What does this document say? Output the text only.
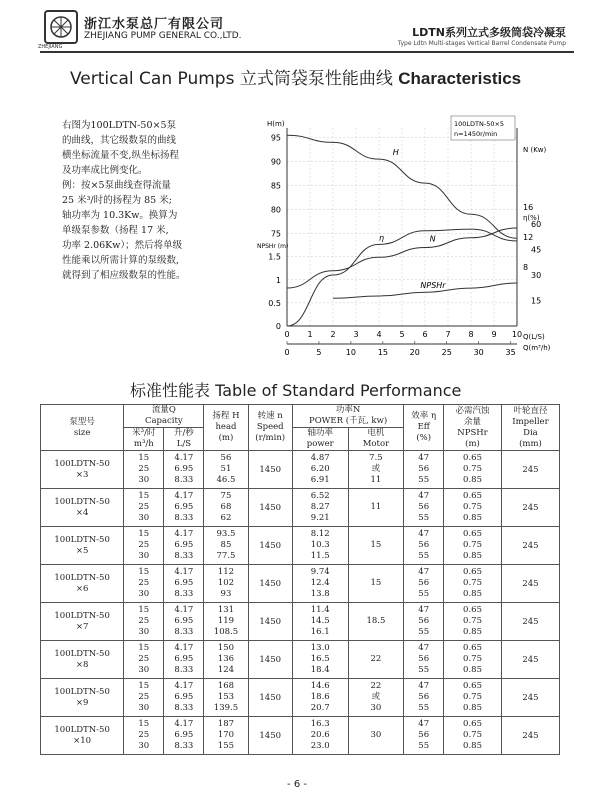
ZHEJIANG
浙江水泵总厂有限公司
ZHEJIANG PUMP GENERAL CO.,LTD.	LDTN系列立式多级筒袋冷凝泵
Type Ldtn Multi-stages Vertical Barrel Condensate Pump
Vertical Can Pumps 立式筒袋泵性能曲线 Characteristics

右图为100LDTN-50×5泵

的曲线，其它级数泵的曲线

横坐标流量不变,纵坐标扬程

及功率成比例变化。

例：按×5泵曲线查得流量

25 米³/时的扬程为 85 米;

轴功率为 10.3Kw。换算为

单级泵参数（扬程 17 米,

功率 2.06Kw）；然后将单级

性能乘以所需计算的泵级数,

就得到了相应级数泵的性能。

0 1 2 3 4 5 6 7 8 9 10 Q(L/S)
0	5	10	15	20	25	30	35 Q(m³/h)
95
90
85
80
75
H(m)
1.5
1
0.5
0
NPSHr (m)
16
12
8
N (Kw)
60
45
30
15
η(%)
100LDTN-50×5
n=1450r/min
H
N
η
NPSHr
标准性能表 Table of Standard Performance
泵型号
size	流量Q
Capacity		扬程 H
head
(m)	转速 n
Speed
(r/min)	功率N
POWER (千瓦, kw)		效率 η
Eff
(%)	必需汽蚀
余量
NPSHr
(m)	叶轮直径
Impeller
Dia
(mm)

	米³/时
m³/h	升/秒
L/S			轴功率
power	电机
Motor			

100LDTN-50
×3	15
25
30	4.17
6.95
8.33	56
51
46.5	1450	4.87
6.20
6.91	7.5
或
11	47
56
55	0.65
0.75
0.85	245

100LDTN-50
×4	15
25
30	4.17
6.95
8.33	75
68
62	1450	6.52
8.27
9.21	11	47
56
55	0.65
0.75
0.85	245

100LDTN-50
×5	15
25
30	4.17
6.95
8.33	93.5
85
77.5	1450	8.12
10.3
11.5	15	47
56
55	0.65
0.75
0.85	245

100LDTN-50
×6	15
25
30	4.17
6.95
8.33	112
102
93	1450	9.74
12.4
13.8	15	47
56
55	0.65
0.75
0.85	245

100LDTN-50
×7	15
25
30	4.17
6.95
8.33	131
119
108.5	1450	11.4
14.5
16.1	18.5	47
56
55	0.65
0.75
0.85	245

100LDTN-50
×8	15
25
30	4.17
6.95
8.33	150
136
124	1450	13.0
16.5
18.4	22	47
56
55	0.65
0.75
0.85	245

100LDTN-50
×9	15
25
30	4.17
6.95
8.33	168
153
139.5	1450	14.6
18.6
20.7	22
或
30	47
56
55	0.65
0.75
0.85	245

100LDTN-50
×10	15
25
30	4.17
6.95
8.33	187
170
155	1450	16.3
20.6
23.0	30	47
56
55	0.65
0.75
0.85	245
- 6 -
